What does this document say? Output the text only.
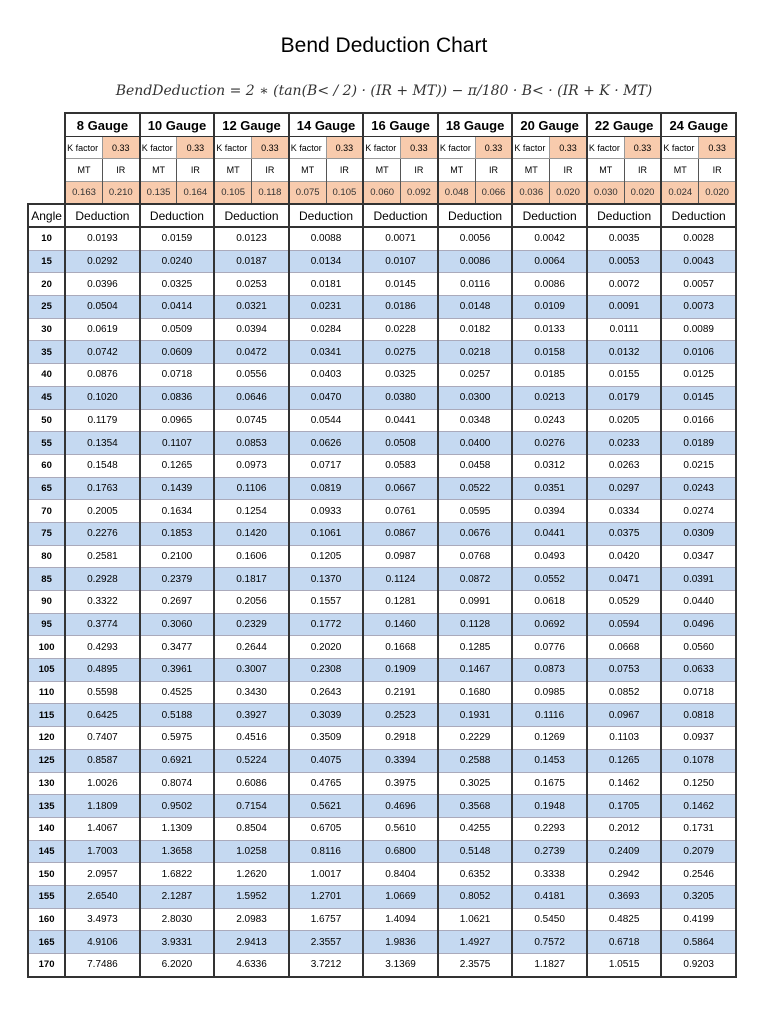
Bend Deduction Chart
BendDeduction = 2 ∗ (tan(B< / 2) · (IR + MT)) − π/180 · B< · (IR + K · MT)
	8 Gauge		10 Gauge		12 Gauge		14 Gauge		16 Gauge		18 Gauge		20 Gauge		22 Gauge		24 Gauge	
	K factor	0.33	K factor	0.33	K factor	0.33	K factor	0.33	K factor	0.33	K factor	0.33	K factor	0.33	K factor	0.33	K factor	0.33
	MT	IR	MT	IR	MT	IR	MT	IR	MT	IR	MT	IR	MT	IR	MT	IR	MT	IR
	0.163	0.210	0.135	0.164	0.105	0.118	0.075	0.105	0.060	0.092	0.048	0.066	0.036	0.020	0.030	0.020	0.024	0.020
Angle	Deduction		Deduction		Deduction		Deduction		Deduction		Deduction		Deduction		Deduction		Deduction	
10	0.0193		0.0159		0.0123		0.0088		0.0071		0.0056		0.0042		0.0035		0.0028	
15	0.0292		0.0240		0.0187		0.0134		0.0107		0.0086		0.0064		0.0053		0.0043	
20	0.0396		0.0325		0.0253		0.0181		0.0145		0.0116		0.0086		0.0072		0.0057	
25	0.0504		0.0414		0.0321		0.0231		0.0186		0.0148		0.0109		0.0091		0.0073	
30	0.0619		0.0509		0.0394		0.0284		0.0228		0.0182		0.0133		0.0111		0.0089	
35	0.0742		0.0609		0.0472		0.0341		0.0275		0.0218		0.0158		0.0132		0.0106	
40	0.0876		0.0718		0.0556		0.0403		0.0325		0.0257		0.0185		0.0155		0.0125	
45	0.1020		0.0836		0.0646		0.0470		0.0380		0.0300		0.0213		0.0179		0.0145	
50	0.1179		0.0965		0.0745		0.0544		0.0441		0.0348		0.0243		0.0205		0.0166	
55	0.1354		0.1107		0.0853		0.0626		0.0508		0.0400		0.0276		0.0233		0.0189	
60	0.1548		0.1265		0.0973		0.0717		0.0583		0.0458		0.0312		0.0263		0.0215	
65	0.1763		0.1439		0.1106		0.0819		0.0667		0.0522		0.0351		0.0297		0.0243	
70	0.2005		0.1634		0.1254		0.0933		0.0761		0.0595		0.0394		0.0334		0.0274	
75	0.2276		0.1853		0.1420		0.1061		0.0867		0.0676		0.0441		0.0375		0.0309	
80	0.2581		0.2100		0.1606		0.1205		0.0987		0.0768		0.0493		0.0420		0.0347	
85	0.2928		0.2379		0.1817		0.1370		0.1124		0.0872		0.0552		0.0471		0.0391	
90	0.3322		0.2697		0.2056		0.1557		0.1281		0.0991		0.0618		0.0529		0.0440	
95	0.3774		0.3060		0.2329		0.1772		0.1460		0.1128		0.0692		0.0594		0.0496	
100	0.4293		0.3477		0.2644		0.2020		0.1668		0.1285		0.0776		0.0668		0.0560	
105	0.4895		0.3961		0.3007		0.2308		0.1909		0.1467		0.0873		0.0753		0.0633	
110	0.5598		0.4525		0.3430		0.2643		0.2191		0.1680		0.0985		0.0852		0.0718	
115	0.6425		0.5188		0.3927		0.3039		0.2523		0.1931		0.1116		0.0967		0.0818	
120	0.7407		0.5975		0.4516		0.3509		0.2918		0.2229		0.1269		0.1103		0.0937	
125	0.8587		0.6921		0.5224		0.4075		0.3394		0.2588		0.1453		0.1265		0.1078	
130	1.0026		0.8074		0.6086		0.4765		0.3975		0.3025		0.1675		0.1462		0.1250	
135	1.1809		0.9502		0.7154		0.5621		0.4696		0.3568		0.1948		0.1705		0.1462	
140	1.4067		1.1309		0.8504		0.6705		0.5610		0.4255		0.2293		0.2012		0.1731	
145	1.7003		1.3658		1.0258		0.8116		0.6800		0.5148		0.2739		0.2409		0.2079	
150	2.0957		1.6822		1.2620		1.0017		0.8404		0.6352		0.3338		0.2942		0.2546	
155	2.6540		2.1287		1.5952		1.2701		1.0669		0.8052		0.4181		0.3693		0.3205	
160	3.4973		2.8030		2.0983		1.6757		1.4094		1.0621		0.5450		0.4825		0.4199	
165	4.9106		3.9331		2.9413		2.3557		1.9836		1.4927		0.7572		0.6718		0.5864	
170	7.7486		6.2020		4.6336		3.7212		3.1369		2.3575		1.1827		1.0515		0.9203	
